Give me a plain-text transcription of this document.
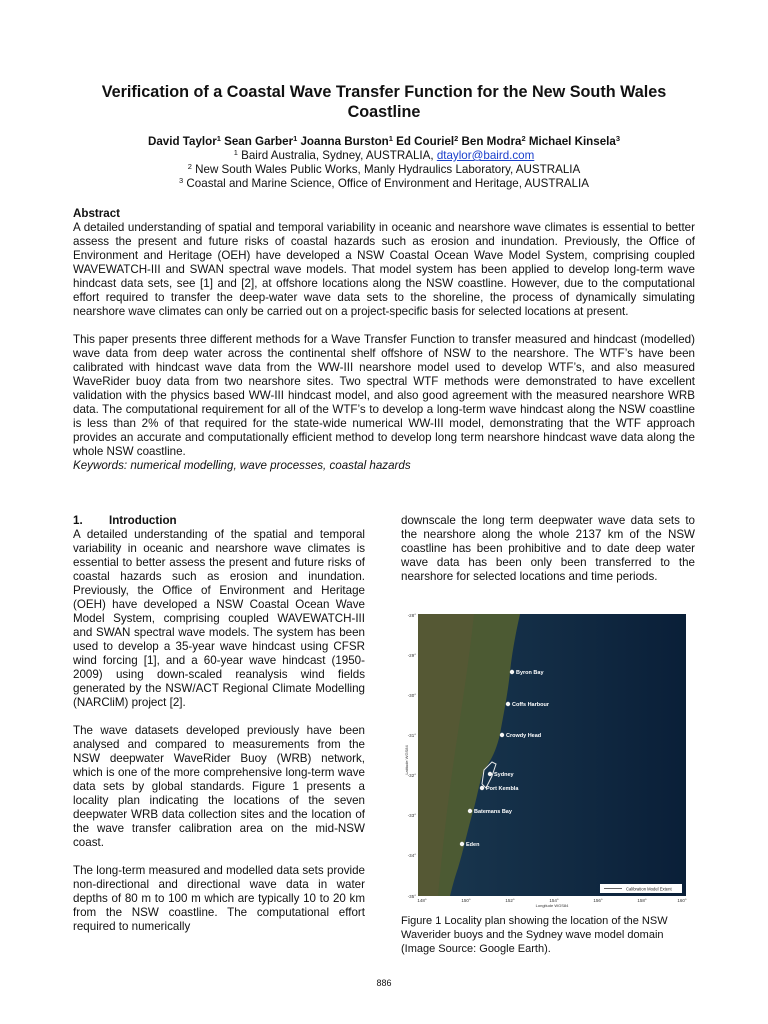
Verification of a Coastal Wave Transfer Function for the New South Wales Coastline
David Taylor$^1$ Sean Garber$^1$ Joanna Burston$^1$ Ed Couriel$^2$ Ben Modra$^2$ Michael Kinsela$^3$
$^1$ Baird Australia, Sydney, AUSTRALIA, dtaylor@baird.com
$^2$ New South Wales Public Works, Manly Hydraulics Laboratory, AUSTRALIA
$^3$ Coastal and Marine Science, Office of Environment and Heritage, AUSTRALIA
Abstract

A detailed understanding of spatial and temporal variability in oceanic and nearshore wave climates is essential to better assess the present and future risks of coastal hazards such as erosion and inundation. Previously, the Office of Environment and Heritage (OEH) have developed a NSW Coastal Ocean Wave Model System, comprising coupled WAVEWATCH-III and SWAN spectral wave models. That model system has been applied to develop long-term wave hindcast data sets, see [1] and [2], at offshore locations along the NSW coastline. However, due to the computational effort required to transfer the deep-water wave data sets to the shoreline, the process of dynamically simulating nearshore wave climates can only be carried out on a project-specific basis for selected locations at present.

This paper presents three different methods for a Wave Transfer Function to transfer measured and hindcast (modelled) wave data from deep water across the continental shelf offshore of NSW to the nearshore. The WTF’s have been calibrated with hindcast wave data from the WW-III nearshore model used to develop WTF’s, and also measured WaveRider buoy data from two nearshore sites. Two spectral WTF methods were demonstrated to have excellent validation with the physics based WW-III hindcast model, and also good agreement with the measured nearshore WRB data. The computational requirement for all of the WTF’s to develop a long-term wave hindcast along the NSW coastline is less than 2% of that required for the state-wide numerical WW-III model, demonstrating that the WTF approach provides an accurate and computationally efficient method to develop long term nearshore hindcast wave data along the whole NSW coastline.

Keywords: numerical modelling, wave processes, coastal hazards

1. Introduction

A detailed understanding of the spatial and temporal variability in oceanic and nearshore wave climates is essential to better assess the present and future risks of coastal hazards such as erosion and inundation. Previously, the Office of Environment and Heritage (OEH) have developed a NSW Coastal Ocean Wave Model System, comprising coupled WAVEWATCH-III and SWAN spectral wave models. The system has been used to develop a 35-year wave hindcast using CFSR wind forcing [1], and a 60-year wave hindcast (1950-2009) using down-scaled reanalysis wind fields generated by the NSW/ACT Regional Climate Modelling (NARCliM) project [2].

The wave datasets developed previously have been analysed and compared to measurements from the NSW deepwater WaveRider Buoy (WRB) network, which is one of the more comprehensive long-term wave data sets by global standards. Figure 1 presents a locality plan indicating the locations of the seven deepwater WRB data collection sites and the location of the wave transfer calibration area on the mid-NSW coast.

The long-term measured and modelled data sets provide non-directional and directional wave data in water depths of 80 m to 100 m which are typically 10 to 20 km from the NSW coastline. The computational effort required to numerically

downscale the long term deepwater wave data sets to the nearshore along the whole 2137 km of the NSW coastline has been prohibitive and to date deep water wave data has been only been transferred to the nearshore for selected locations and time periods.

Byron Bay
Coffs Harbour
Crowdy Head
Sydney
Port Kembla
Batemans Bay
Eden
-28°
-29°
-30°
-31°
-32°
-33°
-34°
-35°
Latitude WGS84
148°	150°	152°	154°	156°	158°	160°
Longitude WGS84
Calibration Model Extent
Figure 1 Locality plan showing the location of the NSW Waverider buoys and the Sydney wave model domain (Image Source: Google Earth).
886
